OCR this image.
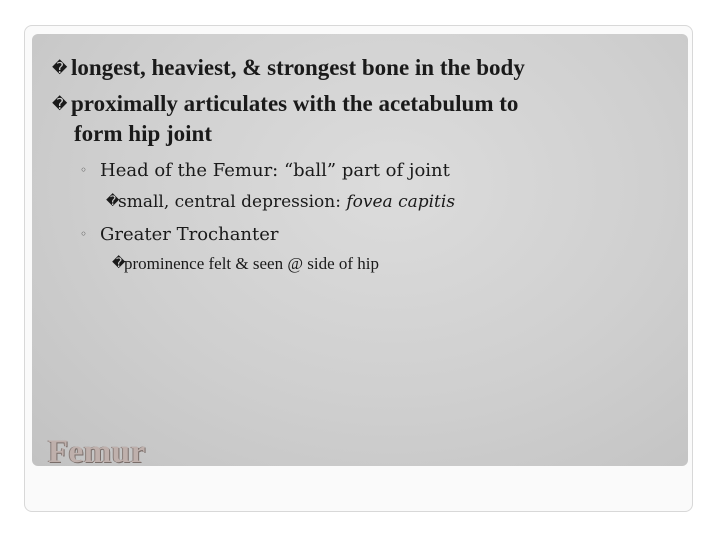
� longest, heaviest, & strongest bone in the body
� proximally articulates with the acetabulum to
form hip joint
◦ Head of the Femur: “ball” part of joint
�small, central depression: fovea capitis
◦ Greater Trochanter
�prominence felt & seen @ side of hip
Femur
